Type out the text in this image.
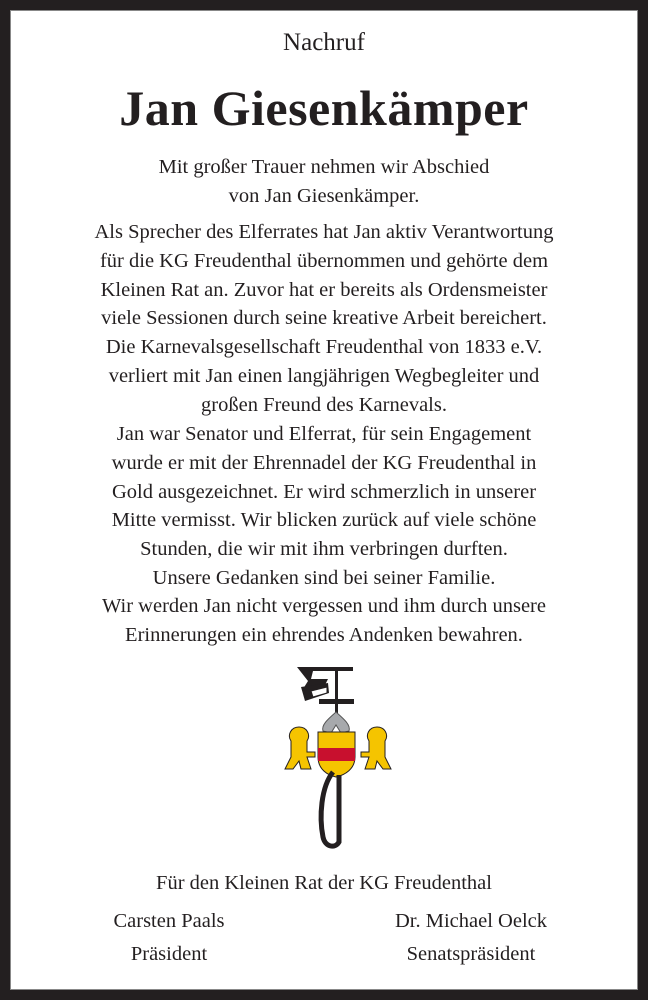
Nachruf
Jan Giesenkämper
Mit großer Trauer nehmen wir Abschied
von Jan Giesenkämper.
Als Sprecher des Elferrates hat Jan aktiv Verantwortung
für die KG Freudenthal übernommen und gehörte dem
Kleinen Rat an. Zuvor hat er bereits als Ordensmeister
viele Sessionen durch seine kreative Arbeit bereichert.
Die Karnevalsgesellschaft Freudenthal von 1833 e.V.
verliert mit Jan einen langjährigen Wegbegleiter und
großen Freund des Karnevals.
Jan war Senator und Elferrat, für sein Engagement
wurde er mit der Ehrennadel der KG Freudenthal in
Gold ausgezeichnet. Er wird schmerzlich in unserer
Mitte vermisst. Wir blicken zurück auf viele schöne
Stunden, die wir mit ihm verbringen durften.
Unsere Gedanken sind bei seiner Familie.
Wir werden Jan nicht vergessen und ihm durch unsere
Erinnerungen ein ehrendes Andenken bewahren.
Für den Kleinen Rat der KG Freudenthal
Carsten Paals
Präsident
Dr. Michael Oelck
Senatspräsident
